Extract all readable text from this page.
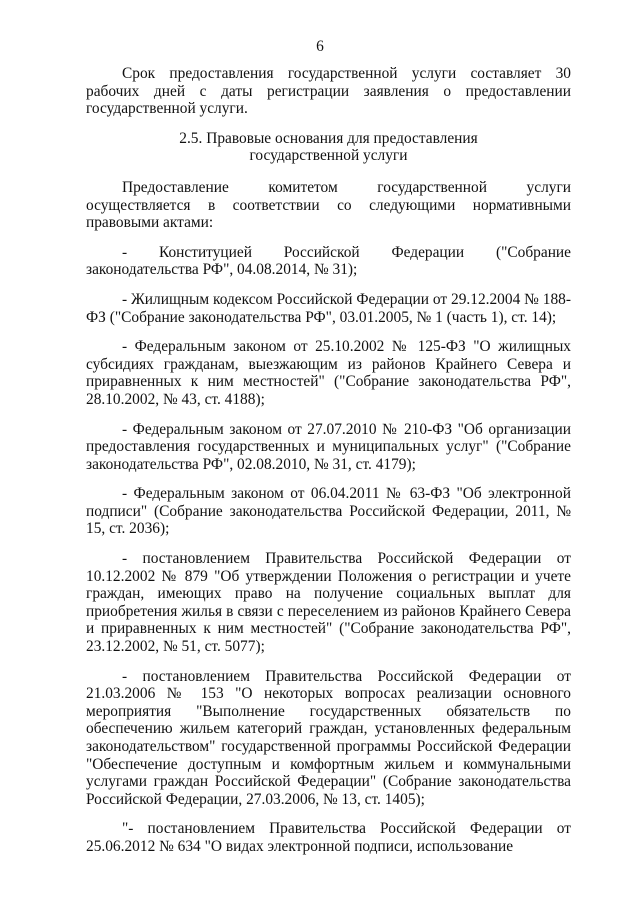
6

Срок предоставления государственной услуги составляет 30 рабочих дней с даты регистрации заявления о предоставлении государственной услуги.

2.5. Правовые основания для предоставления
государственной услуги

Предоставление комитетом государственной услуги осуществляется в соответствии со следующими нормативными правовыми актами:

- Конституцией Российской Федерации ("Собрание законодательства РФ", 04.08.2014, № 31);

- Жилищным кодексом Российской Федерации от 29.12.2004 № 188-ФЗ ("Собрание законодательства РФ", 03.01.2005, № 1 (часть 1), ст. 14);

- Федеральным законом от 25.10.2002 № 125-ФЗ "О жилищных субсидиях гражданам, выезжающим из районов Крайнего Севера и приравненных к ним местностей" ("Собрание законодательства РФ", 28.10.2002, № 43, ст. 4188);

- Федеральным законом от 27.07.2010 № 210-ФЗ "Об организации предоставления государственных и муниципальных услуг" ("Собрание законодательства РФ", 02.08.2010, № 31, ст. 4179);

- Федеральным законом от 06.04.2011 № 63-ФЗ "Об электронной подписи" (Собрание законодательства Российской Федерации, 2011, № 15, ст. 2036);

- постановлением Правительства Российской Федерации от 10.12.2002 № 879 "Об утверждении Положения о регистрации и учете граждан, имеющих право на получение социальных выплат для приобретения жилья в связи с переселением из районов Крайнего Севера и приравненных к ним местностей" ("Собрание законодательства РФ", 23.12.2002, № 51, ст. 5077);

- постановлением Правительства Российской Федерации от 21.03.2006 № 153 "О некоторых вопросах реализации основного мероприятия "Выполнение государственных обязательств по обеспечению жильем категорий граждан, установленных федеральным законодательством" государственной программы Российской Федерации "Обеспечение доступным и комфортным жильем и коммунальными услугами граждан Российской Федерации" (Собрание законодательства Российской Федерации, 27.03.2006, № 13, ст. 1405);

"- постановлением Правительства Российской Федерации от 25.06.2012 № 634 "О видах электронной подписи, использование
